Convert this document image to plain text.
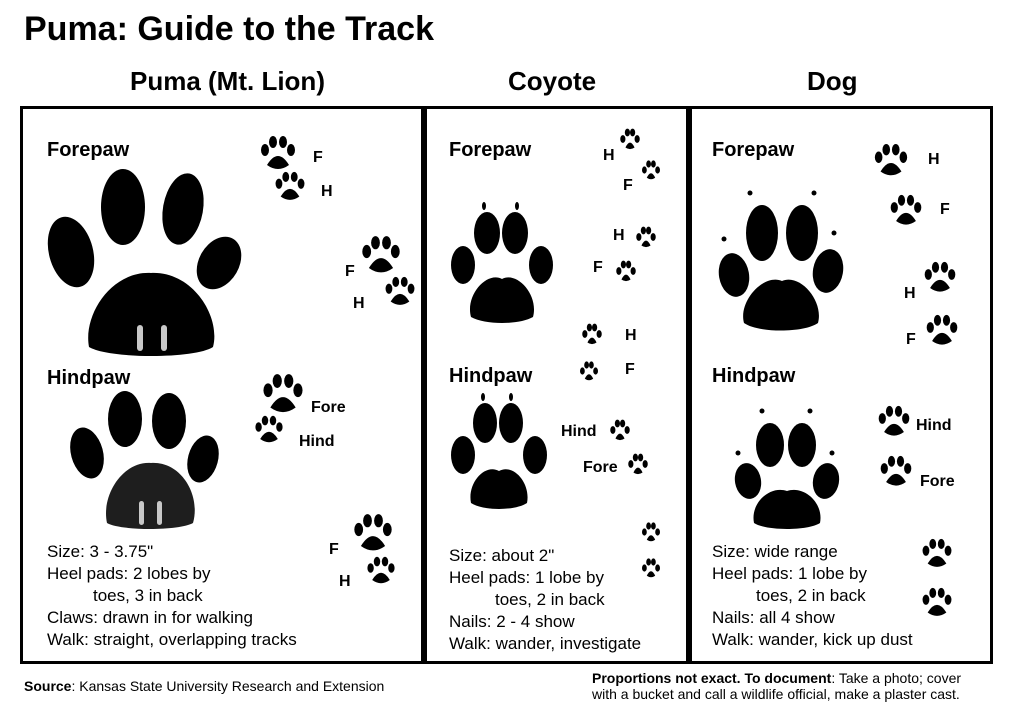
Puma: Guide to the Track
Puma (Mt. Lion)	Coyote	Dog
Forepaw	F
H
F
H
Hindpaw
Fore
Hind
F
H
Size: 3 - 3.75"
Heel pads: 2 lobes by
toes, 3 in back
Claws: drawn in for walking
Walk: straight, overlapping tracks
Forepaw	H
F
H
F
H
F
Hindpaw
Hind
Fore
Size: about 2"
Heel pads: 1 lobe by
toes, 2 in back
Nails: 2 - 4 show
Walk: wander, investigate
Forepaw	H
F
H
F
Hindpaw
Hind
Fore
Size: wide range
Heel pads: 1 lobe by
toes, 2 in back
Nails: all 4 show
Walk: wander, kick up dust
Source: Kansas State University Research and Extension	Proportions not exact. To document: Take a photo; cover
with a bucket and call a wildlife official, make a plaster cast.
